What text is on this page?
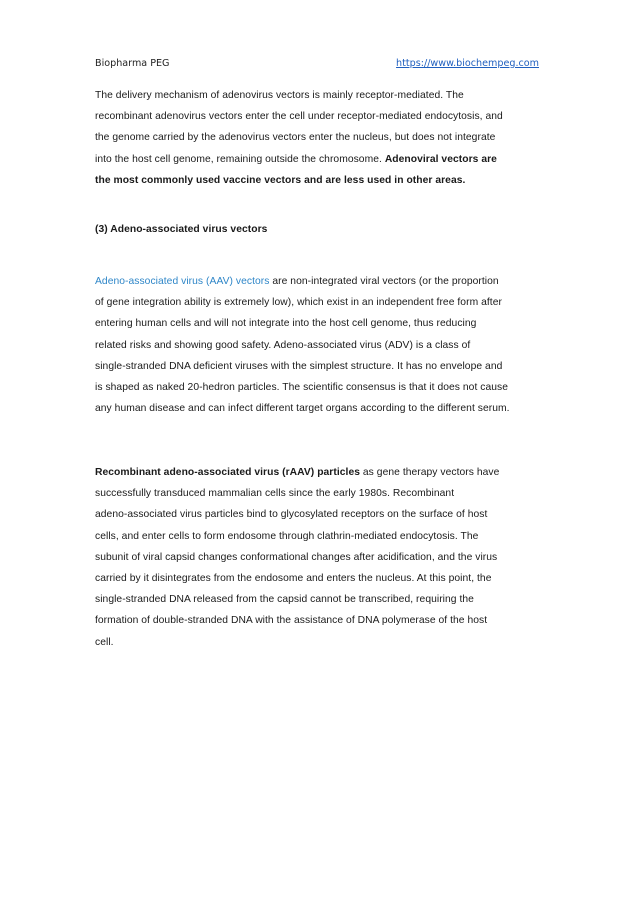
Biopharma PEG	https://www.biochempeg.com
The delivery mechanism of adenovirus vectors is mainly receptor-mediated. The
recombinant adenovirus vectors enter the cell under receptor-mediated endocytosis, and
the genome carried by the adenovirus vectors enter the nucleus, but does not integrate
into the host cell genome, remaining outside the chromosome. Adenoviral vectors are
the most commonly used vaccine vectors and are less used in other areas.
(3) Adeno-associated virus vectors
Adeno-associated virus (AAV) vectors are non-integrated viral vectors (or the proportion
of gene integration ability is extremely low), which exist in an independent free form after
entering human cells and will not integrate into the host cell genome, thus reducing
related risks and showing good safety. Adeno-associated virus (ADV) is a class of
single-stranded DNA deficient viruses with the simplest structure. It has no envelope and
is shaped as naked 20-hedron particles. The scientific consensus is that it does not cause
any human disease and can infect different target organs according to the different serum.
Recombinant adeno-associated virus (rAAV) particles as gene therapy vectors have
successfully transduced mammalian cells since the early 1980s. Recombinant
adeno-associated virus particles bind to glycosylated receptors on the surface of host
cells, and enter cells to form endosome through clathrin-mediated endocytosis. The
subunit of viral capsid changes conformational changes after acidification, and the virus
carried by it disintegrates from the endosome and enters the nucleus. At this point, the
single-stranded DNA released from the capsid cannot be transcribed, requiring the
formation of double-stranded DNA with the assistance of DNA polymerase of the host
cell.
